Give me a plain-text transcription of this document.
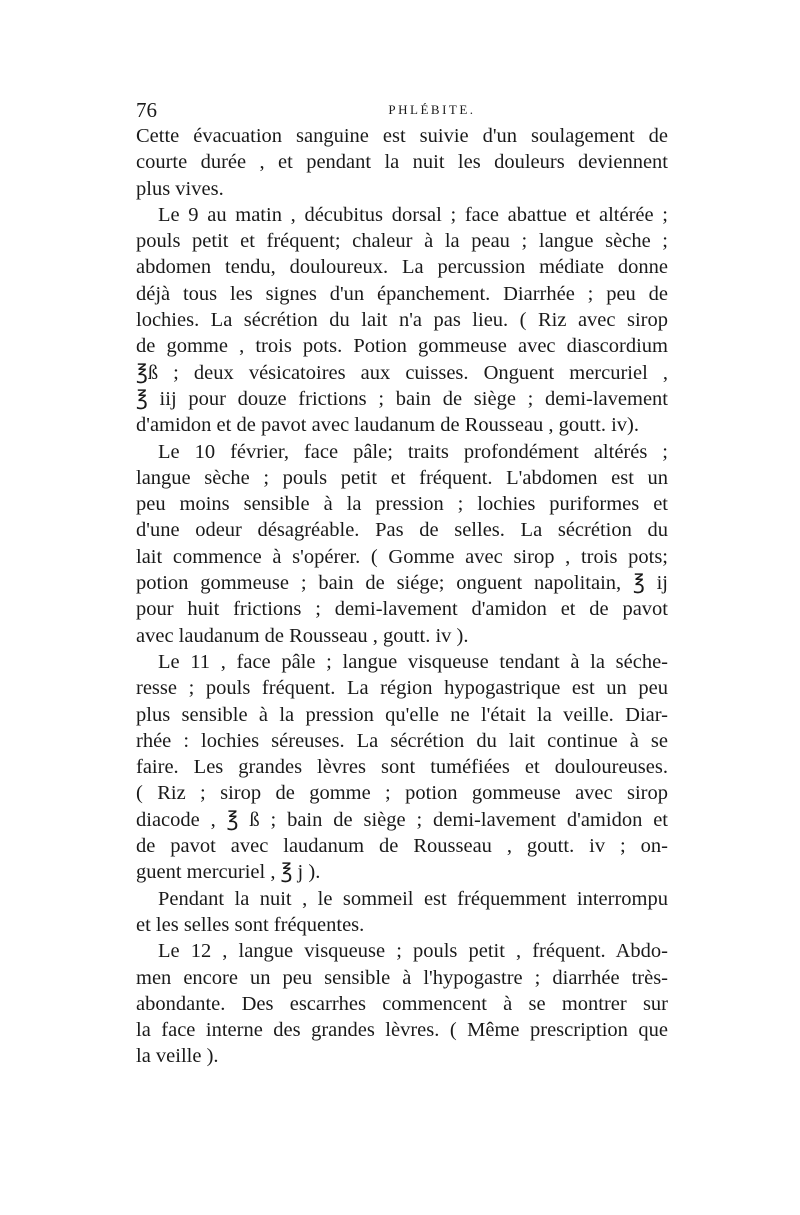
76	PHLÉBITE.
Cette évacuation sanguine est suivie d'un soulagement de
courte durée , et pendant la nuit les douleurs deviennent
plus vives.
Le 9 au matin , décubitus dorsal ; face abattue et altérée ;
pouls petit et fréquent; chaleur à la peau ; langue sèche ;
abdomen tendu, douloureux. La percussion médiate donne
déjà tous les signes d'un épanchement. Diarrhée ; peu de
lochies. La sécrétion du lait n'a pas lieu. ( Riz avec sirop
de gomme , trois pots. Potion gommeuse avec diascordium
℥ß ; deux vésicatoires aux cuisses. Onguent mercuriel ,
℥ iij pour douze frictions ; bain de siège ; demi-lavement
d'amidon et de pavot avec laudanum de Rousseau , goutt. iv).
Le 10 février, face pâle; traits profondément altérés ;
langue sèche ; pouls petit et fréquent. L'abdomen est un
peu moins sensible à la pression ; lochies puriformes et
d'une odeur désagréable. Pas de selles. La sécrétion du
lait commence à s'opérer. ( Gomme avec sirop , trois pots;
potion gommeuse ; bain de siége; onguent napolitain, ℥ ij
pour huit frictions ; demi-lavement d'amidon et de pavot
avec laudanum de Rousseau , goutt. iv ).
Le 11 , face pâle ; langue visqueuse tendant à la séche-
resse ; pouls fréquent. La région hypogastrique est un peu
plus sensible à la pression qu'elle ne l'était la veille. Diar-
rhée : lochies séreuses. La sécrétion du lait continue à se
faire. Les grandes lèvres sont tuméfiées et douloureuses.
( Riz ; sirop de gomme ; potion gommeuse avec sirop
diacode , ℥ ß ; bain de siège ; demi-lavement d'amidon et
de pavot avec laudanum de Rousseau , goutt. iv ; on-
guent mercuriel , ℥ j ).
Pendant la nuit , le sommeil est fréquemment interrompu
et les selles sont fréquentes.
Le 12 , langue visqueuse ; pouls petit , fréquent. Abdo-
men encore un peu sensible à l'hypogastre ; diarrhée très-
abondante. Des escarrhes commencent à se montrer sur
la face interne des grandes lèvres. ( Même prescription que
la veille ).
